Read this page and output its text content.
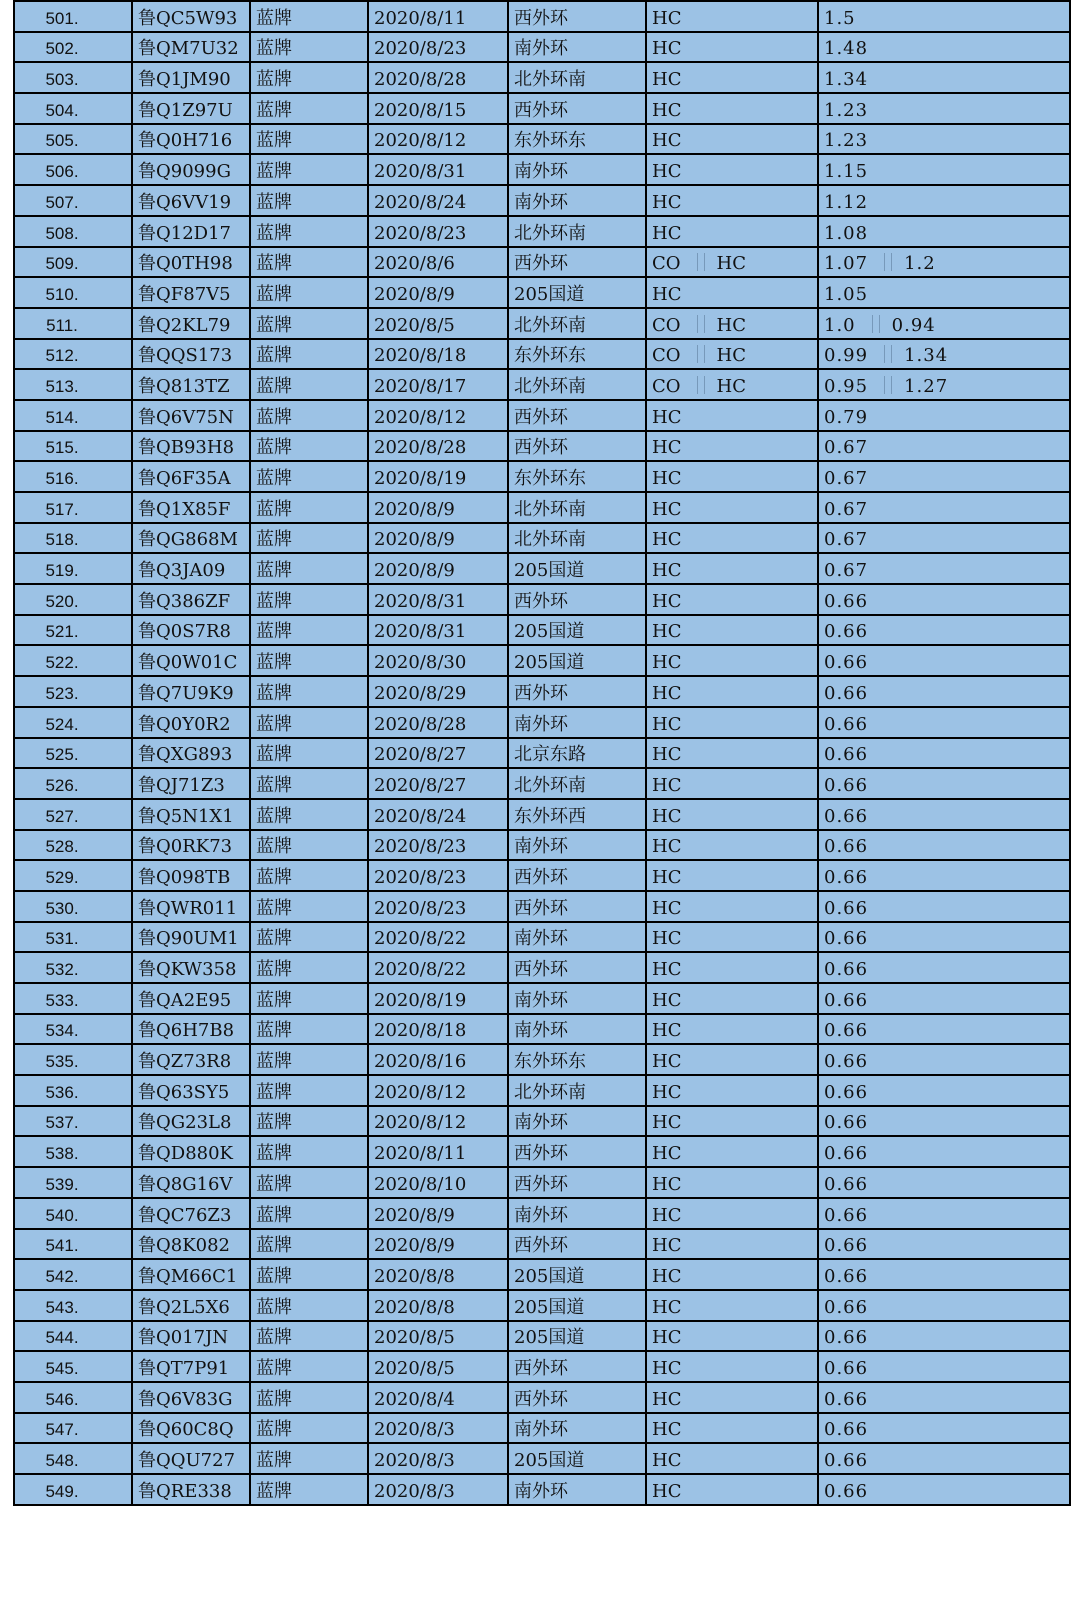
501.	鲁QC5W93	蓝牌	2020/8/11	西外环	HC	1.5
502.	鲁QM7U32	蓝牌	2020/8/23	南外环	HC	1.48
503.	鲁Q1JM90	蓝牌	2020/8/28	北外环南	HC	1.34
504.	鲁Q1Z97U	蓝牌	2020/8/15	西外环	HC	1.23
505.	鲁Q0H716	蓝牌	2020/8/12	东外环东	HC	1.23
506.	鲁Q9099G	蓝牌	2020/8/31	南外环	HC	1.15
507.	鲁Q6VV19	蓝牌	2020/8/24	南外环	HC	1.12
508.	鲁Q12D17	蓝牌	2020/8/23	北外环南	HC	1.08
509.	鲁Q0TH98	蓝牌	2020/8/6	西外环	CO HC	1.07 1.2
510.	鲁QF87V5	蓝牌	2020/8/9	205国道	HC	1.05
511.	鲁Q2KL79	蓝牌	2020/8/5	北外环南	CO HC	1.0 0.94
512.	鲁QQS173	蓝牌	2020/8/18	东外环东	CO HC	0.99 1.34
513.	鲁Q813TZ	蓝牌	2020/8/17	北外环南	CO HC	0.95 1.27
514.	鲁Q6V75N	蓝牌	2020/8/12	西外环	HC	0.79
515.	鲁QB93H8	蓝牌	2020/8/28	西外环	HC	0.67
516.	鲁Q6F35A	蓝牌	2020/8/19	东外环东	HC	0.67
517.	鲁Q1X85F	蓝牌	2020/8/9	北外环南	HC	0.67
518.	鲁QG868M	蓝牌	2020/8/9	北外环南	HC	0.67
519.	鲁Q3JA09	蓝牌	2020/8/9	205国道	HC	0.67
520.	鲁Q386ZF	蓝牌	2020/8/31	西外环	HC	0.66
521.	鲁Q0S7R8	蓝牌	2020/8/31	205国道	HC	0.66
522.	鲁Q0W01C	蓝牌	2020/8/30	205国道	HC	0.66
523.	鲁Q7U9K9	蓝牌	2020/8/29	西外环	HC	0.66
524.	鲁Q0Y0R2	蓝牌	2020/8/28	南外环	HC	0.66
525.	鲁QXG893	蓝牌	2020/8/27	北京东路	HC	0.66
526.	鲁QJ71Z3	蓝牌	2020/8/27	北外环南	HC	0.66
527.	鲁Q5N1X1	蓝牌	2020/8/24	东外环西	HC	0.66
528.	鲁Q0RK73	蓝牌	2020/8/23	南外环	HC	0.66
529.	鲁Q098TB	蓝牌	2020/8/23	西外环	HC	0.66
530.	鲁QWR011	蓝牌	2020/8/23	西外环	HC	0.66
531.	鲁Q90UM1	蓝牌	2020/8/22	南外环	HC	0.66
532.	鲁QKW358	蓝牌	2020/8/22	西外环	HC	0.66
533.	鲁QA2E95	蓝牌	2020/8/19	南外环	HC	0.66
534.	鲁Q6H7B8	蓝牌	2020/8/18	南外环	HC	0.66
535.	鲁QZ73R8	蓝牌	2020/8/16	东外环东	HC	0.66
536.	鲁Q63SY5	蓝牌	2020/8/12	北外环南	HC	0.66
537.	鲁QG23L8	蓝牌	2020/8/12	南外环	HC	0.66
538.	鲁QD880K	蓝牌	2020/8/11	西外环	HC	0.66
539.	鲁Q8G16V	蓝牌	2020/8/10	西外环	HC	0.66
540.	鲁QC76Z3	蓝牌	2020/8/9	南外环	HC	0.66
541.	鲁Q8K082	蓝牌	2020/8/9	西外环	HC	0.66
542.	鲁QM66C1	蓝牌	2020/8/8	205国道	HC	0.66
543.	鲁Q2L5X6	蓝牌	2020/8/8	205国道	HC	0.66
544.	鲁Q017JN	蓝牌	2020/8/5	205国道	HC	0.66
545.	鲁QT7P91	蓝牌	2020/8/5	西外环	HC	0.66
546.	鲁Q6V83G	蓝牌	2020/8/4	西外环	HC	0.66
547.	鲁Q60C8Q	蓝牌	2020/8/3	南外环	HC	0.66
548.	鲁QQU727	蓝牌	2020/8/3	205国道	HC	0.66
549.	鲁QRE338	蓝牌	2020/8/3	南外环	HC	0.66
